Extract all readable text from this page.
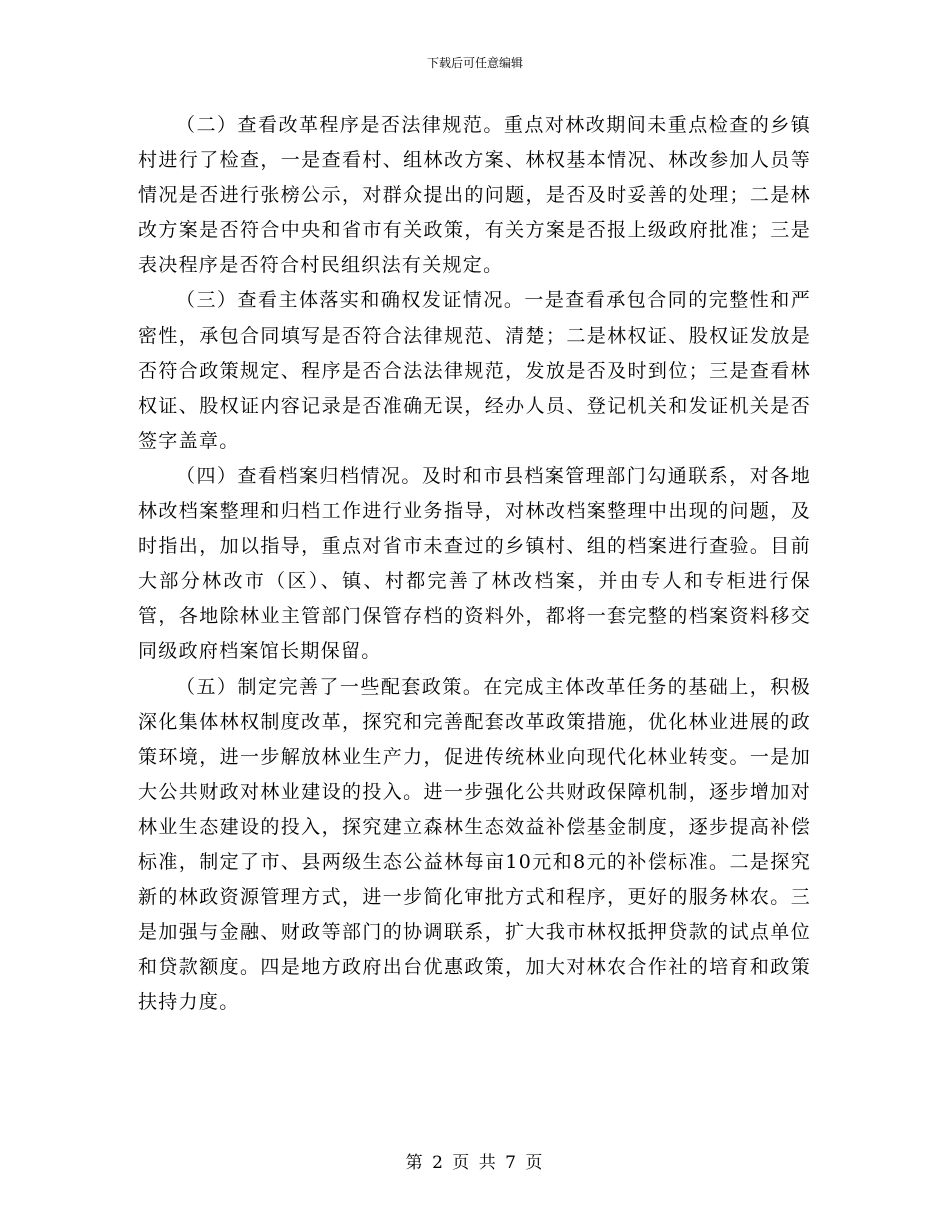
下载后可任意编辑

（二）查看改革程序是否法律规范。重点对林改期间未重点检查的乡镇村进行了检查，一是查看村、组林改方案、林权基本情况、林改参加人员等情况是否进行张榜公示，对群众提出的问题，是否及时妥善的处理；二是林改方案是否符合中央和省市有关政策，有关方案是否报上级政府批准；三是表决程序是否符合村民组织法有关规定。

（三）查看主体落实和确权发证情况。一是查看承包合同的完整性和严密性，承包合同填写是否符合法律规范、清楚；二是林权证、股权证发放是否符合政策规定、程序是否合法法律规范，发放是否及时到位；三是查看林权证、股权证内容记录是否准确无误，经办人员、登记机关和发证机关是否签字盖章。

（四）查看档案归档情况。及时和市县档案管理部门勾通联系，对各地林改档案整理和归档工作进行业务指导，对林改档案整理中出现的问题，及时指出，加以指导，重点对省市未查过的乡镇村、组的档案进行查验。目前大部分林改市（区）、镇、村都完善了林改档案，并由专人和专柜进行保管，各地除林业主管部门保管存档的资料外，都将一套完整的档案资料移交同级政府档案馆长期保留。

（五）制定完善了一些配套政策。在完成主体改革任务的基础上，积极深化集体林权制度改革，探究和完善配套改革政策措施，优化林业进展的政策环境，进一步解放林业生产力，促进传统林业向现代化林业转变。一是加大公共财政对林业建设的投入。进一步强化公共财政保障机制，逐步增加对林业生态建设的投入，探究建立森林生态效益补偿基金制度，逐步提高补偿标准，制定了市、县两级生态公益林每亩10元和8元的补偿标准。二是探究新的林政资源管理方式，进一步简化审批方式和程序，更好的服务林农。三是加强与金融、财政等部门的协调联系，扩大我市林权抵押贷款的试点单位和贷款额度。四是地方政府出台优惠政策，加大对林农合作社的培育和政策扶持力度。

第 2 页 共 7 页
